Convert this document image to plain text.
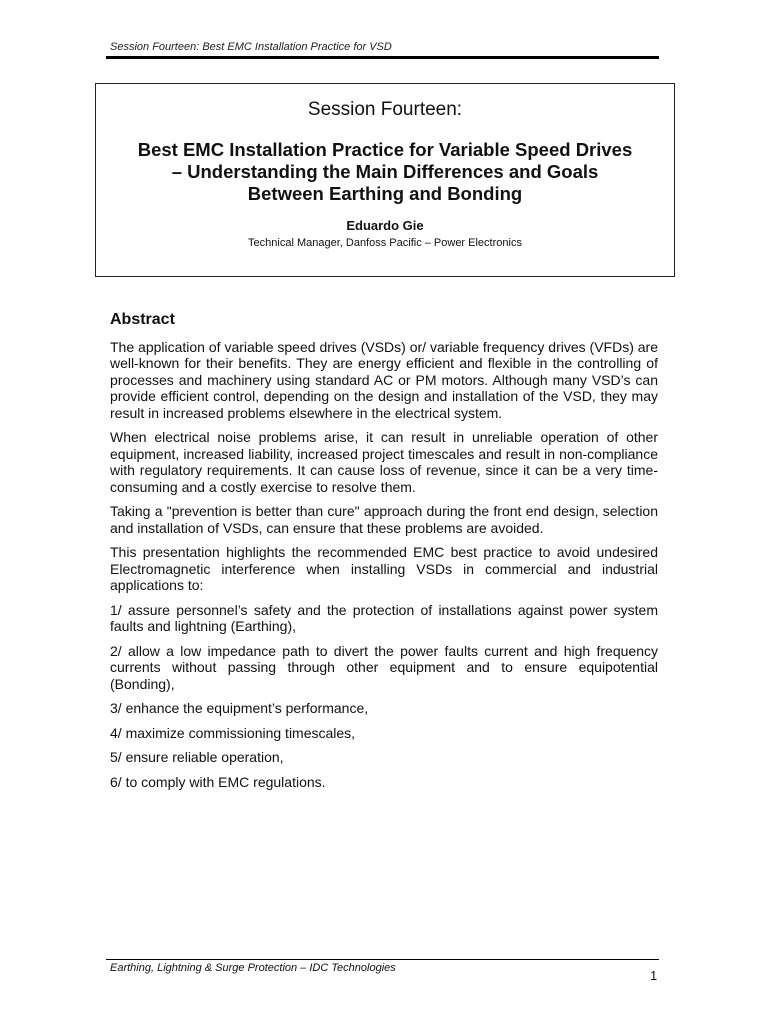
Session Fourteen: Best EMC Installation Practice for VSD
Session Fourteen:
Best EMC Installation Practice for Variable Speed Drives
– Understanding the Main Differences and Goals
Between Earthing and Bonding
Eduardo Gie
Technical Manager, Danfoss Pacific – Power Electronics
Abstract

The application of variable speed drives (VSDs) or/ variable frequency drives (VFDs) are well-known for their benefits. They are energy efficient and flexible in the controlling of processes and machinery using standard AC or PM motors. Although many VSD’s can provide efficient control, depending on the design and installation of the VSD, they may result in increased problems elsewhere in the electrical system.

When electrical noise problems arise, it can result in unreliable operation of other equipment, increased liability, increased project timescales and result in non-compliance with regulatory requirements. It can cause loss of revenue, since it can be a very time-consuming and a costly exercise to resolve them.

Taking a "prevention is better than cure" approach during the front end design, selection and installation of VSDs, can ensure that these problems are avoided.

This presentation highlights the recommended EMC best practice to avoid undesired Electromagnetic interference when installing VSDs in commercial and industrial applications to:

1/ assure personnel’s safety and the protection of installations against power system faults and lightning (Earthing),

2/ allow a low impedance path to divert the power faults current and high frequency currents without passing through other equipment and to ensure equipotential (Bonding),

3/ enhance the equipment’s performance,

4/ maximize commissioning timescales,

5/ ensure reliable operation,

6/ to comply with EMC regulations.

Earthing, Lightning & Surge Protection – IDC Technologies	1
